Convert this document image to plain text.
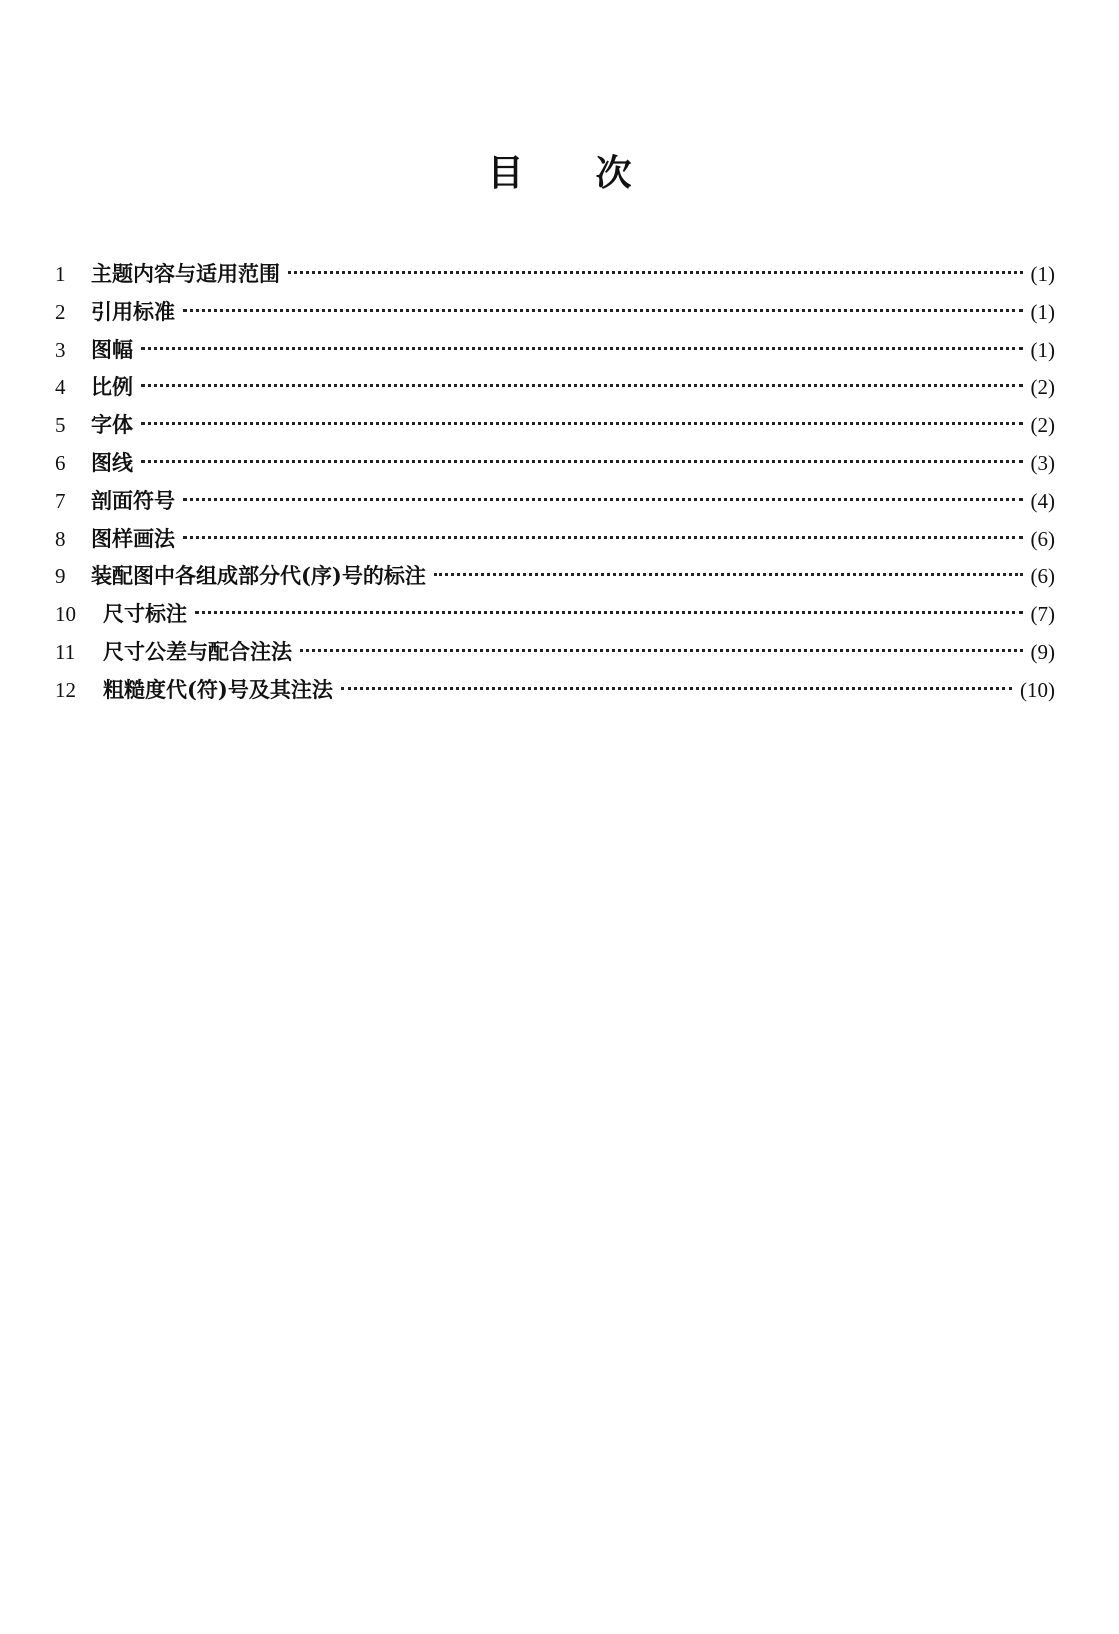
目 次
1	主题内容与适用范围	(1)
2	引用标准	(1)
3	图幅	(1)
4	比例	(2)
5	字体	(2)
6	图线	(3)
7	剖面符号	(4)
8	图样画法	(6)
9	装配图中各组成部分代(序)号的标注	(6)
10	尺寸标注	(7)
11	尺寸公差与配合注法	(9)
12	粗糙度代(符)号及其注法	(10)
